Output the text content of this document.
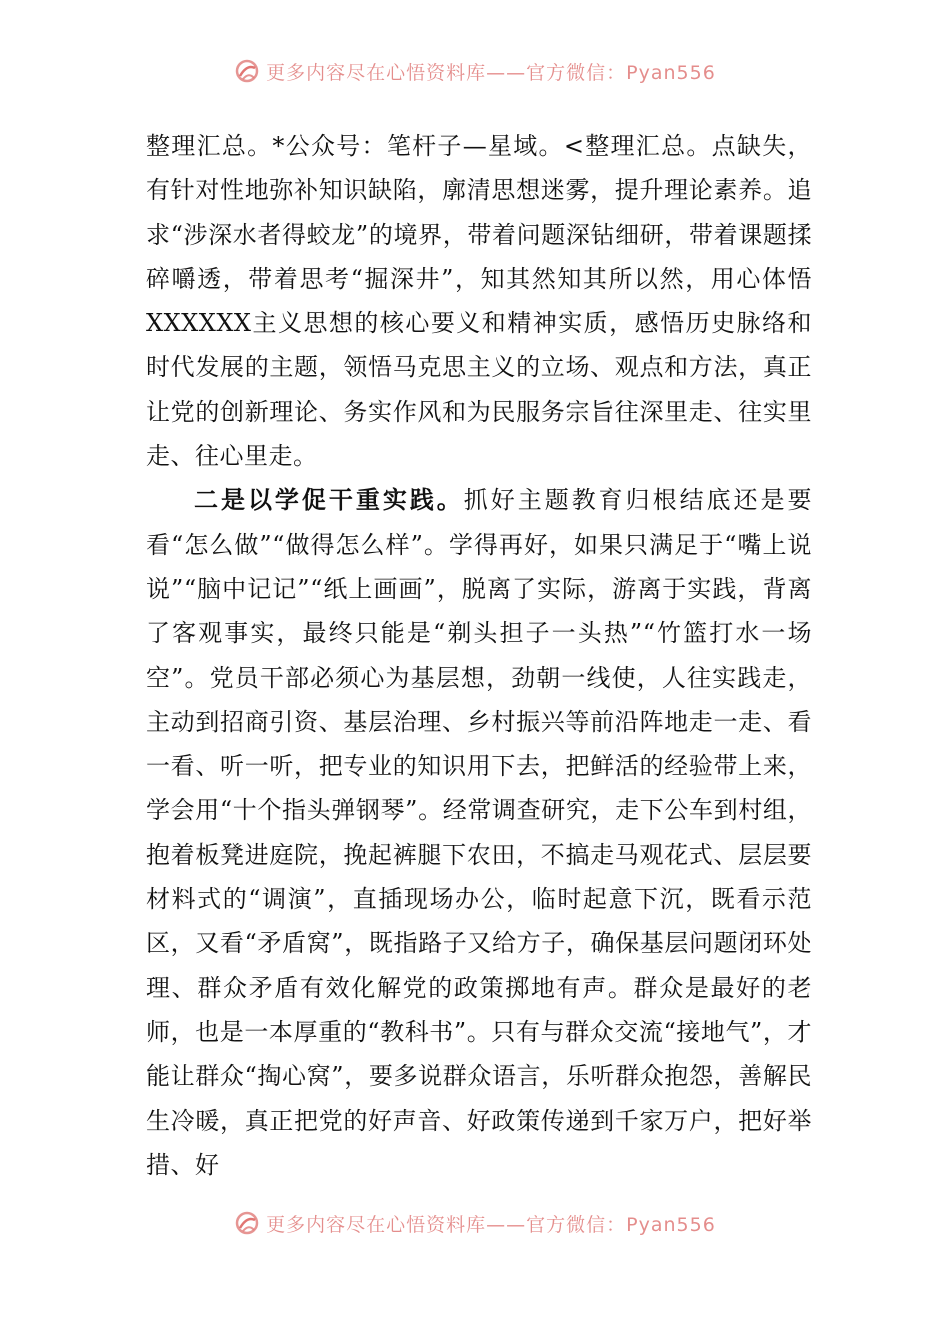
更多内容尽在心悟资料库——官方微信：Pyan556

整理汇总。*公众号：笔杆子—星域。<整理汇总。点缺失，有针对性地弥补知识缺陷，廓清思想迷雾，提升理论素养。追求“涉深水者得蛟龙”的境界，带着问题深钻细研，带着课题揉碎嚼透，带着思考“掘深井”，知其然知其所以然，用心体悟XXXXXX主义思想的核心要义和精神实质，感悟历史脉络和时代发展的主题，领悟马克思主义的立场、观点和方法，真正让党的创新理论、务实作风和为民服务宗旨往深里走、往实里走、往心里走。

二是以学促干重实践。抓好主题教育归根结底还是要看“怎么做”“做得怎么样”。学得再好，如果只满足于“嘴上说说”“脑中记记”“纸上画画”，脱离了实际，游离于实践，背离了客观事实，最终只能是“剃头担子一头热”“竹篮打水一场空”。党员干部必须心为基层想，劲朝一线使，人往实践走，主动到招商引资、基层治理、乡村振兴等前沿阵地走一走、看一看、听一听，把专业的知识用下去，把鲜活的经验带上来，学会用“十个指头弹钢琴”。经常调查研究，走下公车到村组，抱着板凳进庭院，挽起裤腿下农田，不搞走马观花式、层层要材料式的“调演”，直插现场办公，临时起意下沉，既看示范区，又看“矛盾窝”，既指路子又给方子，确保基层问题闭环处理、群众矛盾有效化解党的政策掷地有声。群众是最好的老师，也是一本厚重的“教科书”。只有与群众交流“接地气”，才能让群众“掏心窝”，要多说群众语言，乐听群众抱怨，善解民生冷暖，真正把党的好声音、好政策传递到千家万户，把好举措、好

更多内容尽在心悟资料库——官方微信：Pyan556
